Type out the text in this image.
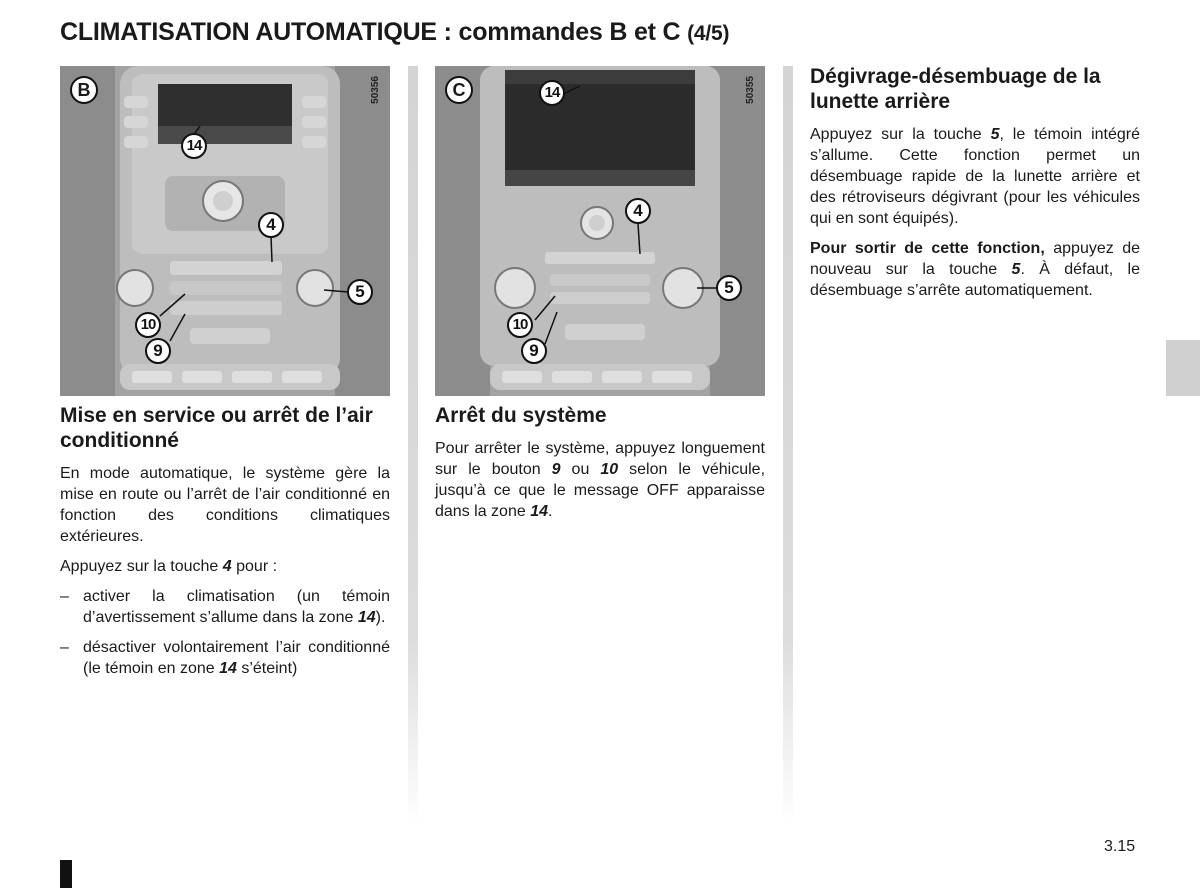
CLIMATISATION AUTOMATIQUE : commandes B et C (4/5)
B	50356
14
4
5
10
9
C	50355
14
4
5
10
9
Mise en service ou arrêt de l’air conditionné

En mode automatique, le système gère la mise en route ou l’arrêt de l’air conditionné en fonction des conditions climatiques extérieures.

Appuyez sur la touche 4 pour :

– activer la climatisation (un témoin d’avertissement s’allume dans la zone 14).
– désactiver volontairement l’air conditionné (le témoin en zone 14 s’éteint)
Arrêt du système

Pour arrêter le système, appuyez longuement sur le bouton 9 ou 10 selon le véhicule, jusqu’à ce que le message OFF apparaisse dans la zone 14.

Dégivrage-désembuage de la lunette arrière

Appuyez sur la touche 5, le témoin intégré s’allume. Cette fonction permet un désembuage rapide de la lunette arrière et des rétroviseurs dégivrant (pour les véhicules qui en sont équipés).

Pour sortir de cette fonction, appuyez de nouveau sur la touche 5. À défaut, le désembuage s’arrête automatiquement.

3.15
